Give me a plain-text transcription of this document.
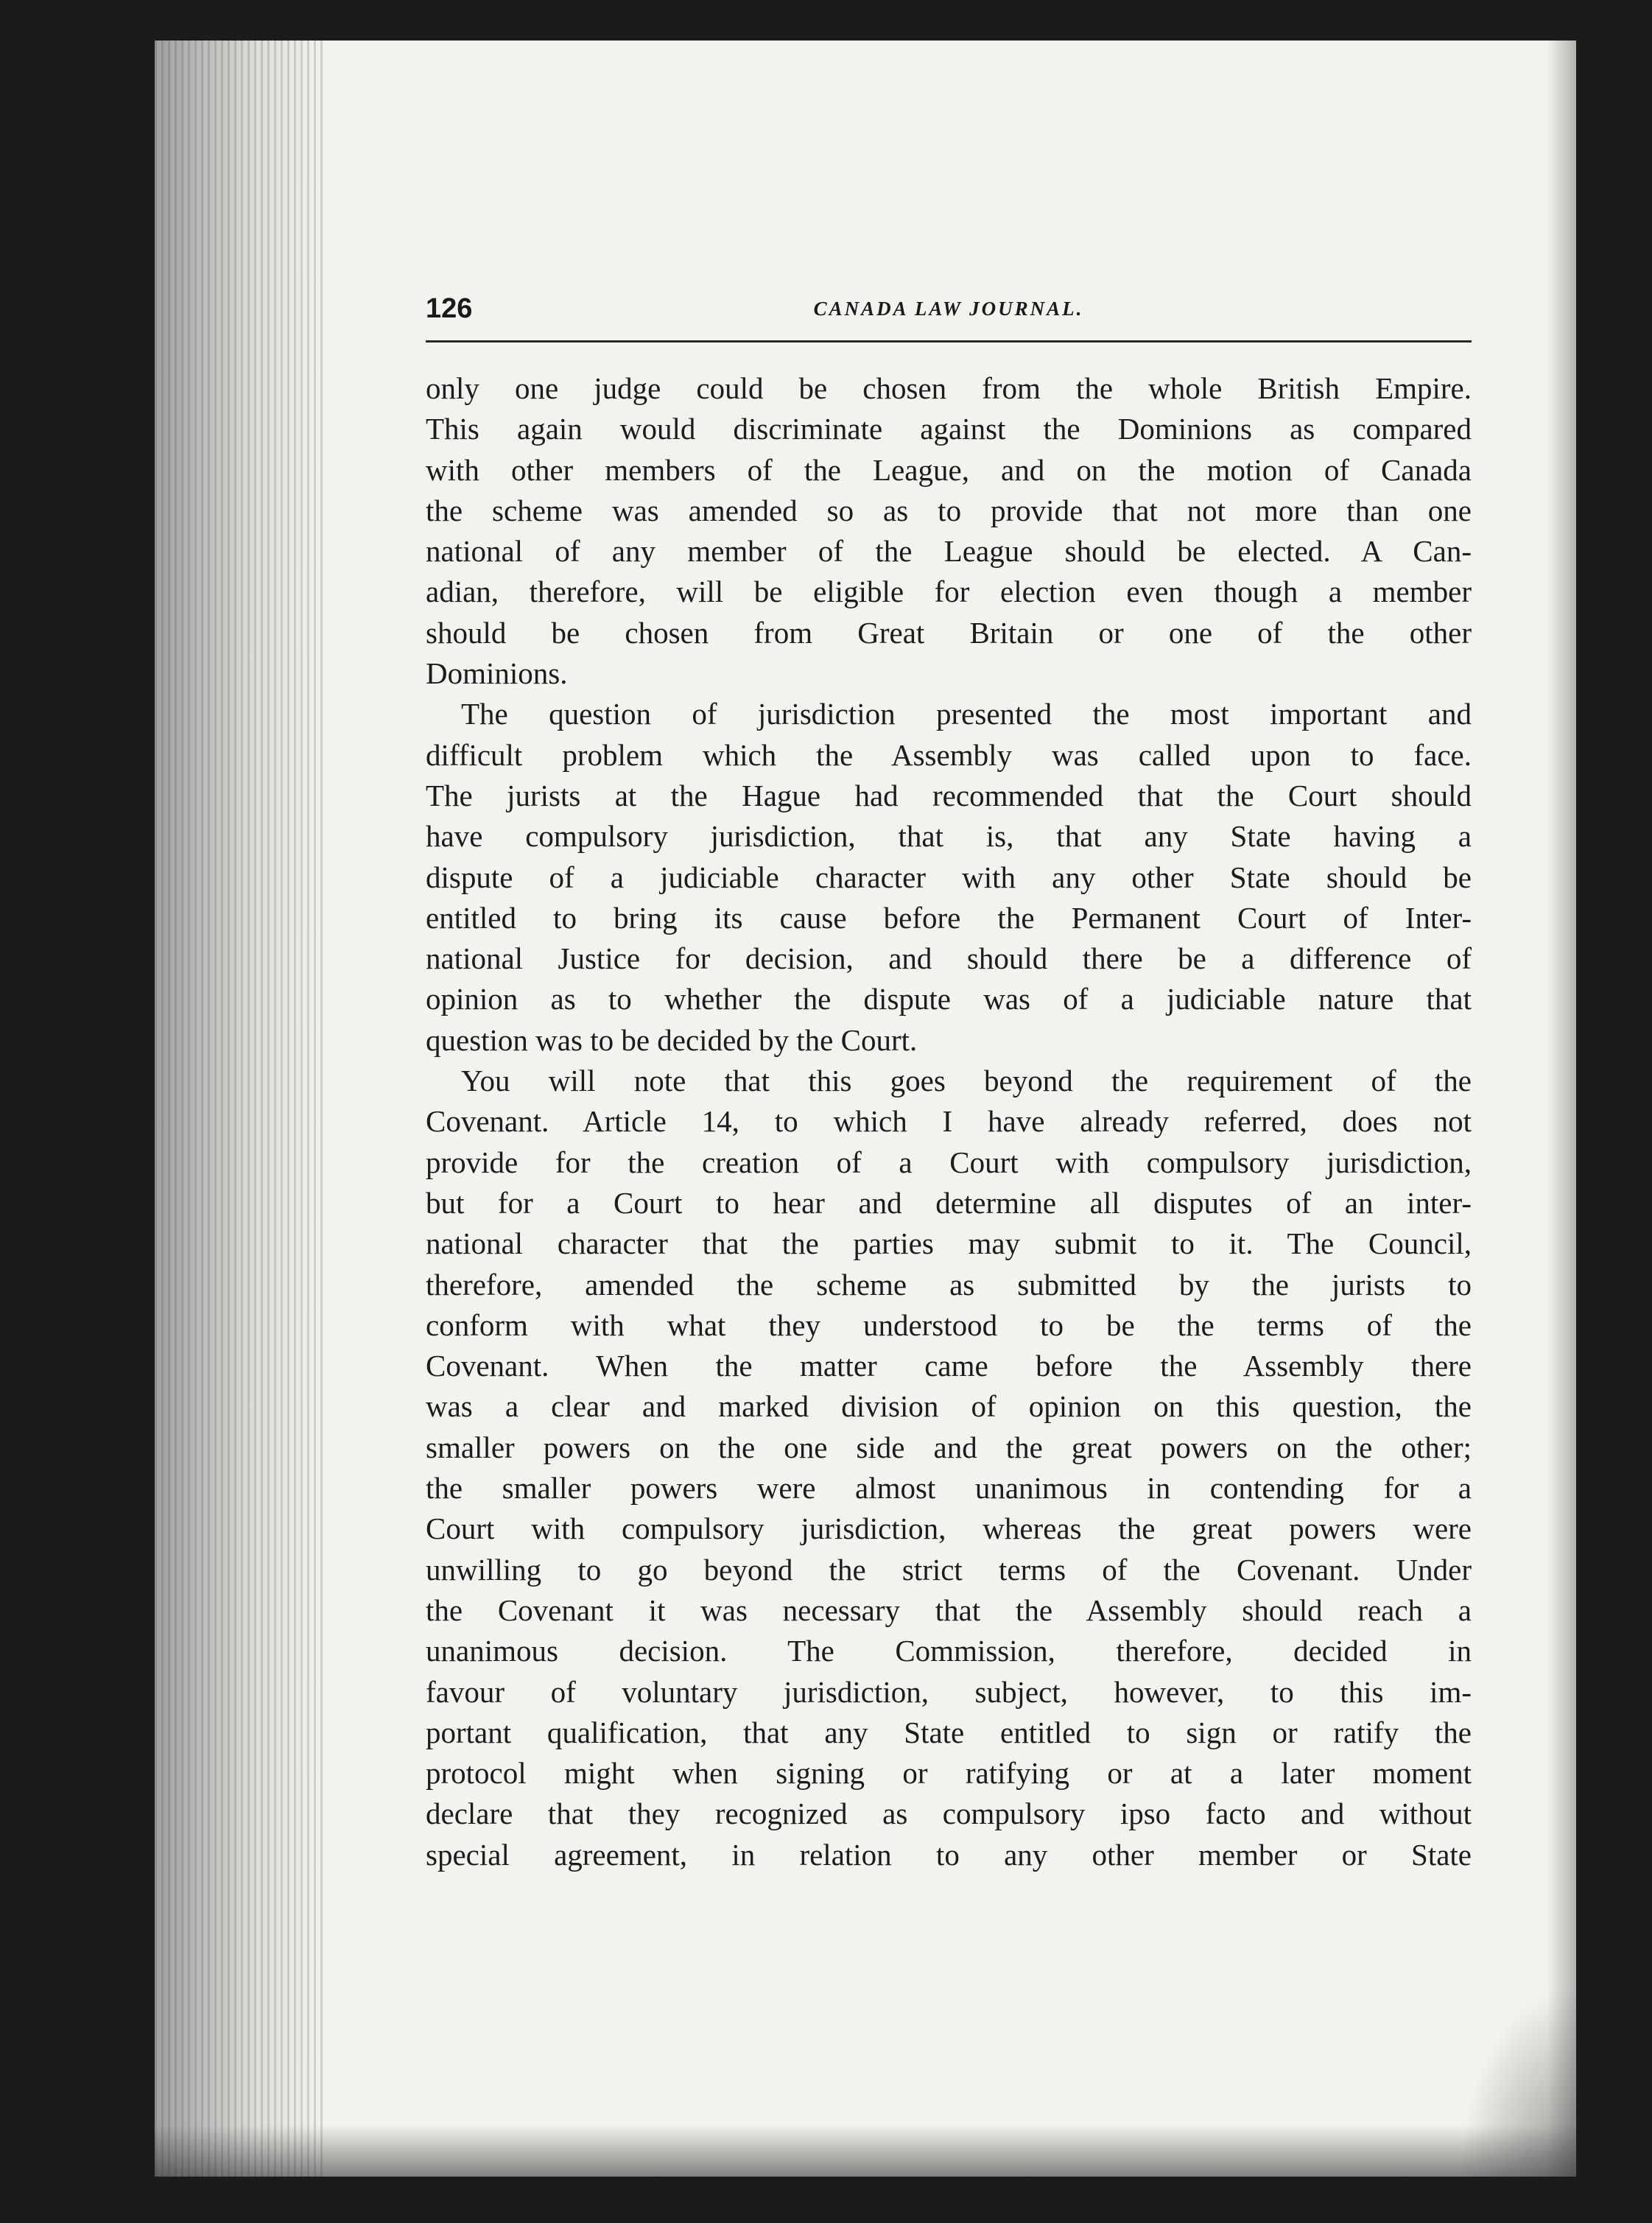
126	CANADA LAW JOURNAL.
only one judge could be chosen from the whole British Empire.
This again would discriminate against the Dominions as compared
with other members of the League, and on the motion of Canada
the scheme was amended so as to provide that not more than one
national of any member of the League should be elected. A Can-
adian, therefore, will be eligible for election even though a member
should be chosen from Great Britain or one of the other
Dominions.
The question of jurisdiction presented the most important and
difficult problem which the Assembly was called upon to face.
The jurists at the Hague had recommended that the Court should
have compulsory jurisdiction, that is, that any State having a
dispute of a judiciable character with any other State should be
entitled to bring its cause before the Permanent Court of Inter-
national Justice for decision, and should there be a difference of
opinion as to whether the dispute was of a judiciable nature that
question was to be decided by the Court.
You will note that this goes beyond the requirement of the
Covenant. Article 14, to which I have already referred, does not
provide for the creation of a Court with compulsory jurisdiction,
but for a Court to hear and determine all disputes of an inter-
national character that the parties may submit to it. The Council,
therefore, amended the scheme as submitted by the jurists to
conform with what they understood to be the terms of the
Covenant. When the matter came before the Assembly there
was a clear and marked division of opinion on this question, the
smaller powers on the one side and the great powers on the other;
the smaller powers were almost unanimous in contending for a
Court with compulsory jurisdiction, whereas the great powers were
unwilling to go beyond the strict terms of the Covenant. Under
the Covenant it was necessary that the Assembly should reach a
unanimous decision. The Commission, therefore, decided in
favour of voluntary jurisdiction, subject, however, to this im-
portant qualification, that any State entitled to sign or ratify the
protocol might when signing or ratifying or at a later moment
declare that they recognized as compulsory ipso facto and without
special agreement, in relation to any other member or State
